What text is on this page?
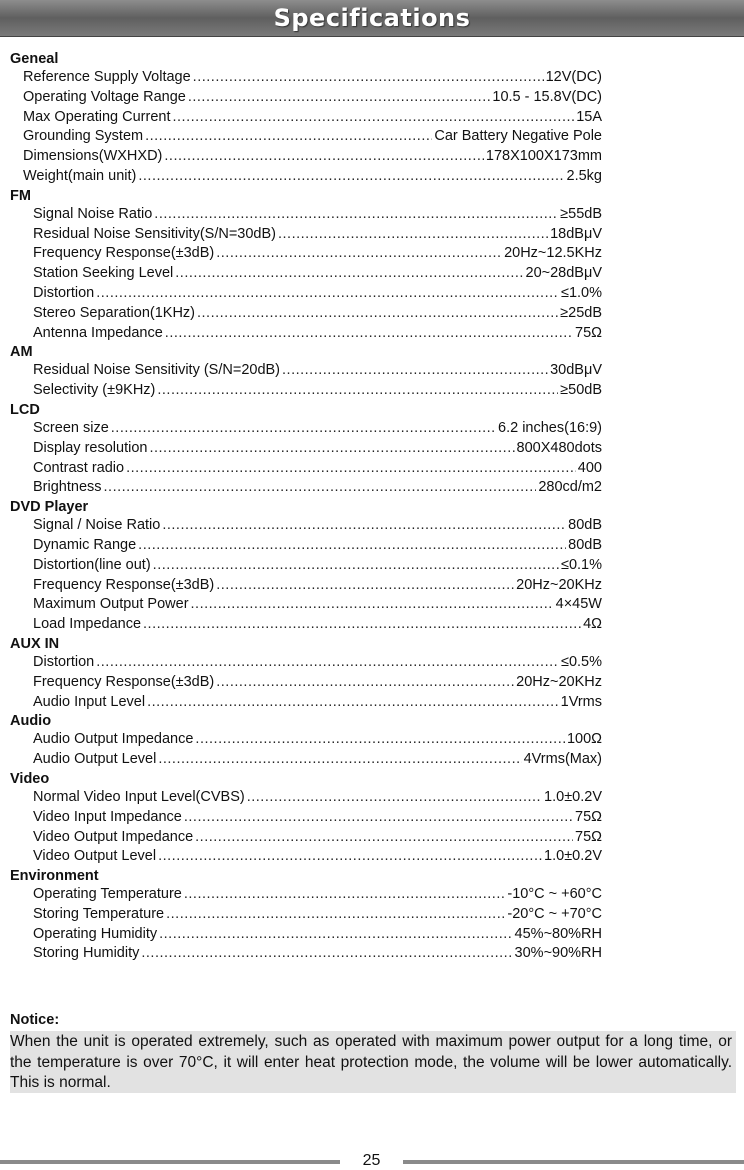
Specifications
Geneal
Reference Supply Voltage .....	12V(DC)
Operating Voltage Range .....	10.5 - 15.8V(DC)
Max Operating Current .....	15A
Grounding System .....	Car Battery Negative Pole
Dimensions(WXHXD) .....	178X100X173mm
Weight(main unit) .....	2.5kg
FM
Signal Noise Ratio .....	≥55dB
Residual Noise Sensitivity(S/N=30dB) .....	18dBμV
Frequency Response(±3dB) .....	20Hz~12.5KHz
Station Seeking Level .....	20~28dBμV
Distortion .....	≤1.0%
Stereo Separation(1KHz) .....	≥25dB
Antenna Impedance .....	75Ω
AM
Residual Noise Sensitivity (S/N=20dB) .....	30dBμV
Selectivity (±9KHz) .....	≥50dB
LCD
Screen size .....	6.2 inches(16:9)
Display resolution .....	800X480dots
Contrast radio .....	400
Brightness .....	280cd/m2
DVD Player
Signal / Noise Ratio .....	80dB
Dynamic Range .....	80dB
Distortion(line out) .....	≤0.1%
Frequency Response(±3dB) .....	20Hz~20KHz
Maximum Output Power .....	4×45W
Load Impedance .....	4Ω
AUX IN
Distortion .....	≤0.5%
Frequency Response(±3dB) .....	20Hz~20KHz
Audio Input Level .....	1Vrms
Audio
Audio Output Impedance .....	100Ω
Audio Output Level .....	4Vrms(Max)
Video
Normal Video Input Level(CVBS) .....	1.0±0.2V
Video Input Impedance .....	75Ω
Video Output Impedance .....	75Ω
Video Output Level .....	1.0±0.2V
Environment
Operating Temperature .....	-10°C ~ +60°C
Storing Temperature .....	-20°C ~ +70°C
Operating Humidity .....	45%~80%RH
Storing Humidity .....	30%~90%RH
Notice:
When the unit is operated extremely, such as operated with maximum power output for a long time, or the temperature is over 70°C, it will enter heat protection mode, the volume will be lower automatically. This is normal.
25
